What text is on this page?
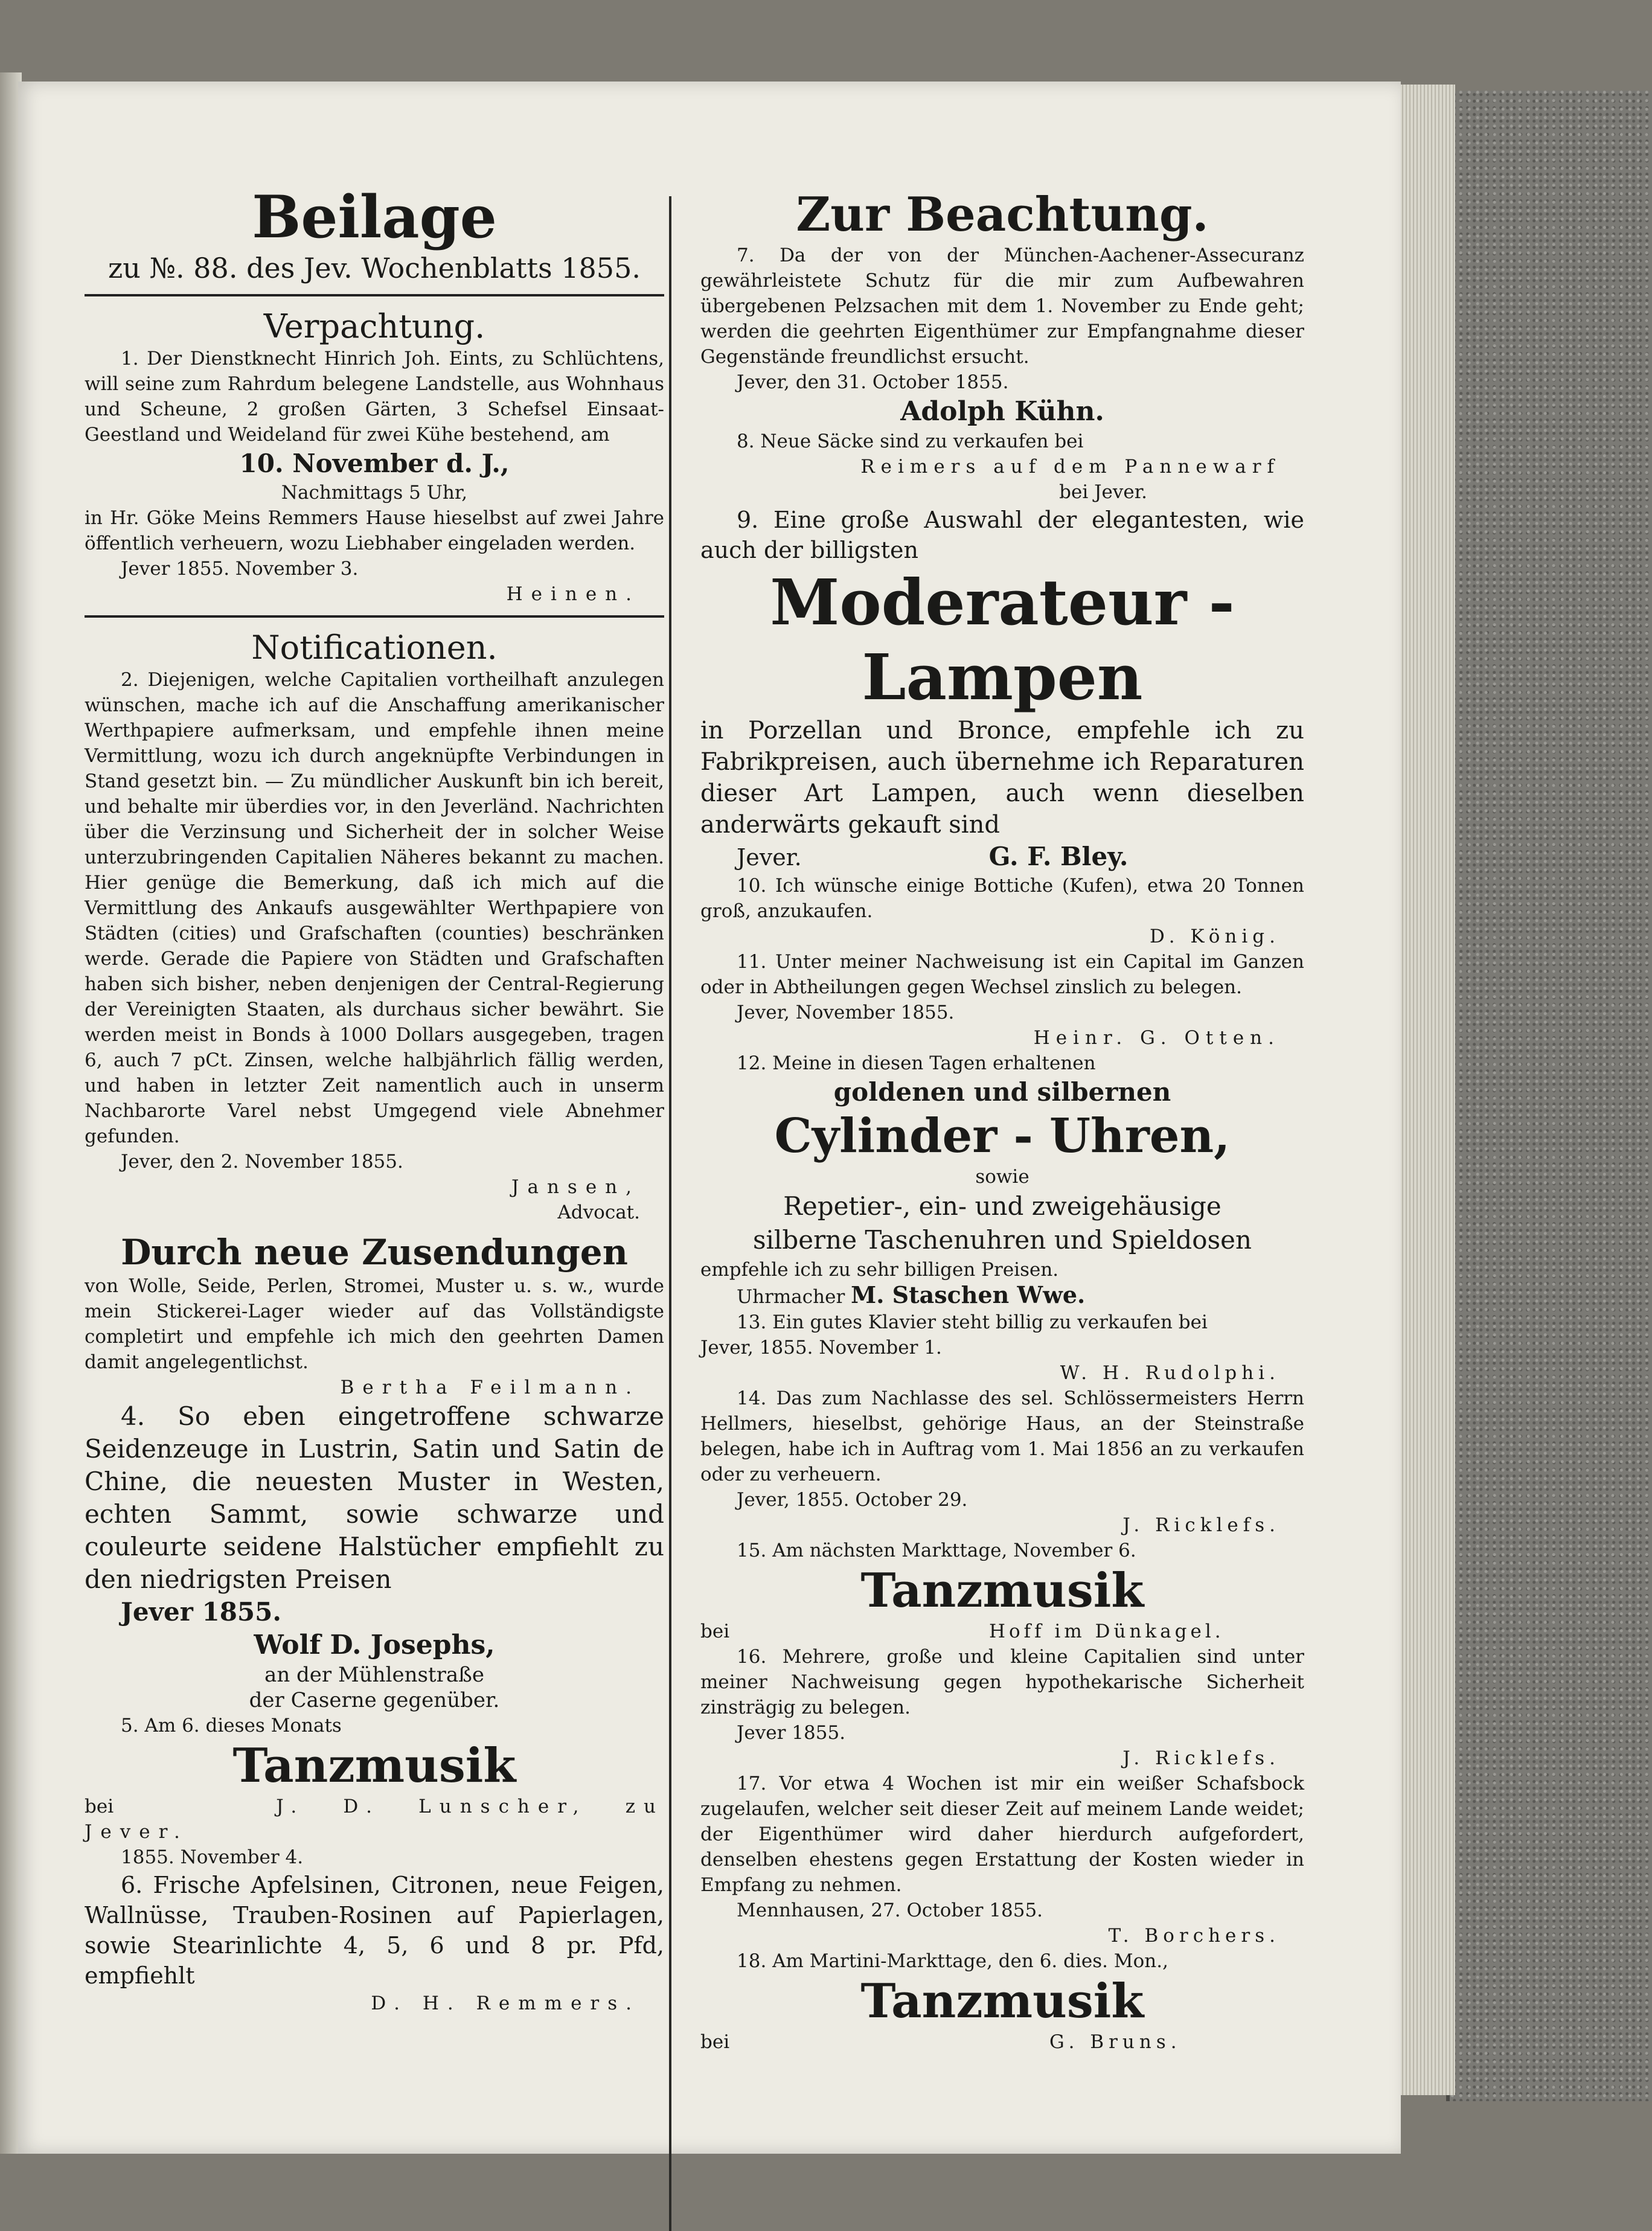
Beilage
zu №. 88. des Jev. Wochenblatts 1855.
Verpachtung.

1. Der Dienstknecht Hinrich Joh. Eints, zu Schlüchtens, will seine zum Rahrdum belegene Landstelle, aus Wohnhaus und Scheune, 2 großen Gärten, 3 Schefsel Einsaat-Geestland und Weideland für zwei Kühe bestehend, am

10. November d. J.,

Nachmittags 5 Uhr,

in Hr. Göke Meins Remmers Hause hieselbst auf zwei Jahre öffentlich verheuern, wozu Liebhaber eingeladen werden.

Jever 1855. November 3.

Heinen.

Notificationen.

2. Diejenigen, welche Capitalien vortheilhaft anzulegen wünschen, mache ich auf die Anschaffung amerikanischer Werthpapiere aufmerksam, und empfehle ihnen meine Vermittlung, wozu ich durch angeknüpfte Verbindungen in Stand gesetzt bin. — Zu mündlicher Auskunft bin ich bereit, und behalte mir überdies vor, in den Jeverländ. Nachrichten über die Verzinsung und Sicherheit der in solcher Weise unterzubringenden Capitalien Näheres bekannt zu machen. Hier genüge die Bemerkung, daß ich mich auf die Vermittlung des Ankaufs ausgewählter Werthpapiere von Städten (cities) und Grafschaften (counties) beschränken werde. Gerade die Papiere von Städten und Grafschaften haben sich bisher, neben denjenigen der Central-Regierung der Vereinigten Staaten, als durchaus sicher bewährt. Sie werden meist in Bonds à 1000 Dollars ausgegeben, tragen 6, auch 7 pCt. Zinsen, welche halbjährlich fällig werden, und haben in letzter Zeit namentlich auch in unserm Nachbarorte Varel nebst Umgegend viele Abnehmer gefunden.

Jever, den 2. November 1855.

Jansen,

Advocat.

Durch neue Zusendungen

von Wolle, Seide, Perlen, Stromei, Muster u. s. w., wurde mein Stickerei-Lager wieder auf das Vollständigste completirt und empfehle ich mich den geehrten Damen damit angelegentlichst.

Bertha Feilmann.

4. So eben eingetroffene schwarze Seidenzeuge in Lustrin, Satin und Satin de Chine, die neuesten Muster in Westen, echten Sammt, sowie schwarze und couleurte seidene Halstücher empfiehlt zu den niedrigsten Preisen

Jever 1855.

Wolf D. Josephs,

an der Mühlenstraße

der Caserne gegenüber.

5. Am 6. dieses Monats

Tanzmusik

bei	J. D. Lunscher, zu Jever.

1855. November 4.

6. Frische Apfelsinen, Citronen, neue Feigen, Wallnüsse, Trauben-Rosinen auf Papierlagen, sowie Stearinlichte 4, 5, 6 und 8 pr. Pfd, empfiehlt

D. H. Remmers.

Zur Beachtung.

7. Da der von der München-Aachener-Assecuranz gewährleistete Schutz für die mir zum Aufbewahren übergebenen Pelzsachen mit dem 1. November zu Ende geht; werden die geehrten Eigenthümer zur Empfangnahme dieser Gegenstände freundlichst ersucht.

Jever, den 31. October 1855.

Adolph Kühn.

8. Neue Säcke sind zu verkaufen bei

Reimers auf dem Pannewarf

bei Jever.

9. Eine große Auswahl der elegantesten, wie auch der billigsten

Moderateur - Lampen

in Porzellan und Bronce, empfehle ich zu Fabrikpreisen, auch übernehme ich Reparaturen dieser Art Lampen, auch wenn dieselben anderwärts gekauft sind

Jever.	G. F. Bley.

10. Ich wünsche einige Bottiche (Kufen), etwa 20 Tonnen groß, anzukaufen.

D. König.

11. Unter meiner Nachweisung ist ein Capital im Ganzen oder in Abtheilungen gegen Wechsel zinslich zu belegen.

Jever, November 1855.

Heinr. G. Otten.

12. Meine in diesen Tagen erhaltenen

goldenen und silbernen

Cylinder - Uhren,

sowie

Repetier-, ein- und zweigehäusige

silberne Taschenuhren und Spieldosen

empfehle ich zu sehr billigen Preisen.

Uhrmacher M. Staschen Wwe.

13. Ein gutes Klavier steht billig zu verkaufen bei

Jever, 1855. November 1.

W. H. Rudolphi.

14. Das zum Nachlasse des sel. Schlössermeisters Herrn Hellmers, hieselbst, gehörige Haus, an der Steinstraße belegen, habe ich in Auftrag vom 1. Mai 1856 an zu verkaufen oder zu verheuern.

Jever, 1855. October 29.

J. Ricklefs.

15. Am nächsten Markttage, November 6.

Tanzmusik

bei	Hoff im Dünkagel.

16. Mehrere, große und kleine Capitalien sind unter meiner Nachweisung gegen hypothekarische Sicherheit zinsträgig zu belegen.

Jever 1855.

J. Ricklefs.

17. Vor etwa 4 Wochen ist mir ein weißer Schafsbock zugelaufen, welcher seit dieser Zeit auf meinem Lande weidet; der Eigenthümer wird daher hierdurch aufgefordert, denselben ehestens gegen Erstattung der Kosten wieder in Empfang zu nehmen.

Mennhausen, 27. October 1855.

T. Borchers.

18. Am Martini-Markttage, den 6. dies. Mon.,

Tanzmusik

bei	G. Bruns.
